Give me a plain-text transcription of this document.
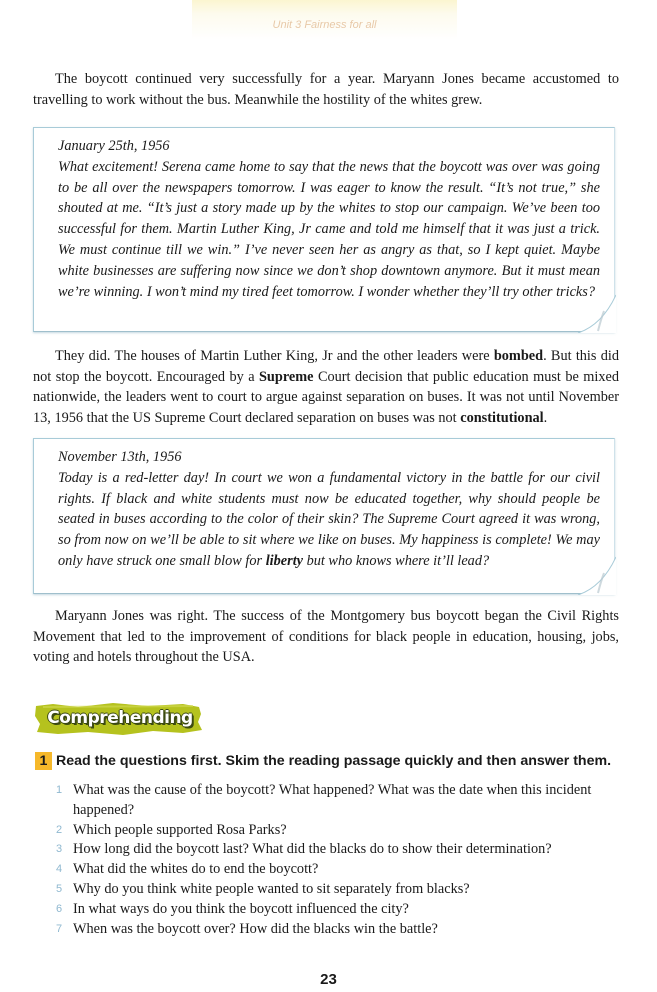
Unit 3 Fairness for all

The boycott continued very successfully for a year. Maryann Jones became accustomed to travelling to work without the bus. Meanwhile the hostility of the whites grew.

January 25th, 1956

What excitement! Serena came home to say that the news that the boycott was over was going to be all over the newspapers tomorrow. I was eager to know the result. “It’s not true,” she shouted at me. “It’s just a story made up by the whites to stop our campaign. We’ve been too successful for them. Martin Luther King, Jr came and told me himself that it was just a trick. We must continue till we win.” I’ve never seen her as angry as that, so I kept quiet. Maybe white businesses are suffering now since we don’t shop downtown anymore. But it must mean we’re winning. I won’t mind my tired feet tomorrow. I wonder whether they’ll try other tricks?

They did. The houses of Martin Luther King, Jr and the other leaders were bombed. But this did not stop the boycott. Encouraged by a Supreme Court decision that public education must be mixed nationwide, the leaders went to court to argue against separation on buses. It was not until November 13, 1956 that the US Supreme Court declared separation on buses was not constitutional.

November 13th, 1956

Today is a red-letter day! In court we won a fundamental victory in the battle for our civil rights. If black and white students must now be educated together, why should people be seated in buses according to the color of their skin? The Supreme Court agreed it was wrong, so from now on we’ll be able to sit where we like on buses. My happiness is complete! We may only have struck one small blow for liberty but who knows where it’ll lead?

Maryann Jones was right. The success of the Montgomery bus boycott began the Civil Rights Movement that led to the improvement of conditions for black people in education, housing, jobs, voting and hotels throughout the USA.

Comprehending
1 Read the questions first. Skim the reading passage quickly and then answer them.
1 What was the cause of the boycott? What happened? What was the date when this incident happened?
2 Which people supported Rosa Parks?
3 How long did the boycott last? What did the blacks do to show their determination?
4 What did the whites do to end the boycott?
5 Why do you think white people wanted to sit separately from blacks?
6 In what ways do you think the boycott influenced the city?
7 When was the boycott over? How did the blacks win the battle?
23
